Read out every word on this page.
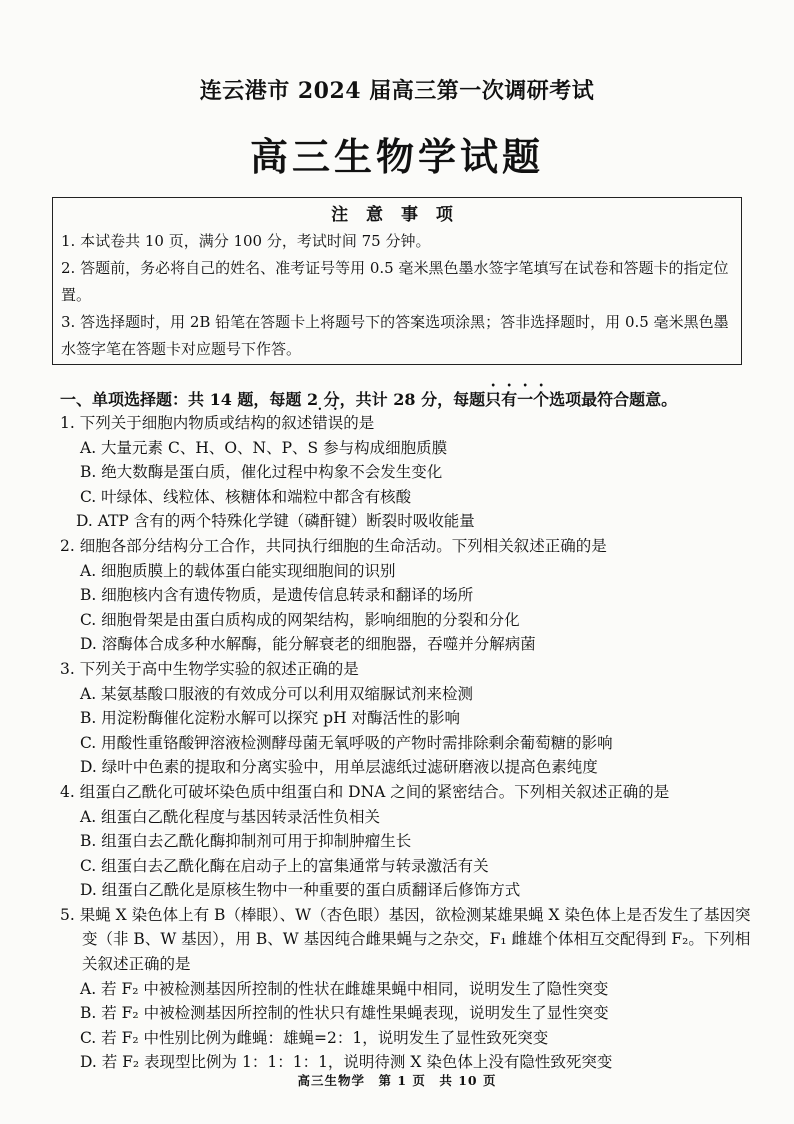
连云港市 2024 届高三第一次调研考试
高三生物学试题
注 意 事 项
1. 本试卷共 10 页，满分 100 分，考试时间 75 分钟。
2. 答题前，务必将自己的姓名、准考证号等用 0.5 毫米黑色墨水签字笔填写在试卷和答题卡的指定位置。
3. 答选择题时，用 2B 铅笔在答题卡上将题号下的答案选项涂黑；答非选择题时，用 0.5 毫米黑色墨水签字笔在答题卡对应题号下作答。
一、单项选择题：共 14 题，每题 2 分，共计 28 分，每题只有一个选项最符合题意。
1. 下列关于细胞内物质或结构的叙述错误的是
A. 大量元素 C、H、O、N、P、S 参与构成细胞质膜
B. 绝大数酶是蛋白质，催化过程中构象不会发生变化
C. 叶绿体、线粒体、核糖体和端粒中都含有核酸
D. ATP 含有的两个特殊化学键（磷酐键）断裂时吸收能量
2. 细胞各部分结构分工合作，共同执行细胞的生命活动。下列相关叙述正确的是
A. 细胞质膜上的载体蛋白能实现细胞间的识别
B. 细胞核内含有遗传物质，是遗传信息转录和翻译的场所
C. 细胞骨架是由蛋白质构成的网架结构，影响细胞的分裂和分化
D. 溶酶体合成多种水解酶，能分解衰老的细胞器，吞噬并分解病菌
3. 下列关于高中生物学实验的叙述正确的是
A. 某氨基酸口服液的有效成分可以利用双缩脲试剂来检测
B. 用淀粉酶催化淀粉水解可以探究 pH 对酶活性的影响
C. 用酸性重铬酸钾溶液检测酵母菌无氧呼吸的产物时需排除剩余葡萄糖的影响
D. 绿叶中色素的提取和分离实验中，用单层滤纸过滤研磨液以提高色素纯度
4. 组蛋白乙酰化可破坏染色质中组蛋白和 DNA 之间的紧密结合。下列相关叙述正确的是
A. 组蛋白乙酰化程度与基因转录活性负相关
B. 组蛋白去乙酰化酶抑制剂可用于抑制肿瘤生长
C. 组蛋白去乙酰化酶在启动子上的富集通常与转录激活有关
D. 组蛋白乙酰化是原核生物中一种重要的蛋白质翻译后修饰方式
5. 果蝇 X 染色体上有 B（棒眼）、W（杏色眼）基因，欲检测某雄果蝇 X 染色体上是否发生了基因突变（非 B、W 基因），用 B、W 基因纯合雌果蝇与之杂交，F₁ 雌雄个体相互交配得到 F₂。下列相关叙述正确的是
A. 若 F₂ 中被检测基因所控制的性状在雌雄果蝇中相同，说明发生了隐性突变
B. 若 F₂ 中被检测基因所控制的性状只有雄性果蝇表现，说明发生了显性突变
C. 若 F₂ 中性别比例为雌蝇：雄蝇=2：1，说明发生了显性致死突变
D. 若 F₂ 表现型比例为 1：1：1：1，说明待测 X 染色体上没有隐性致死突变
高三生物学　第 1 页　共 10 页
